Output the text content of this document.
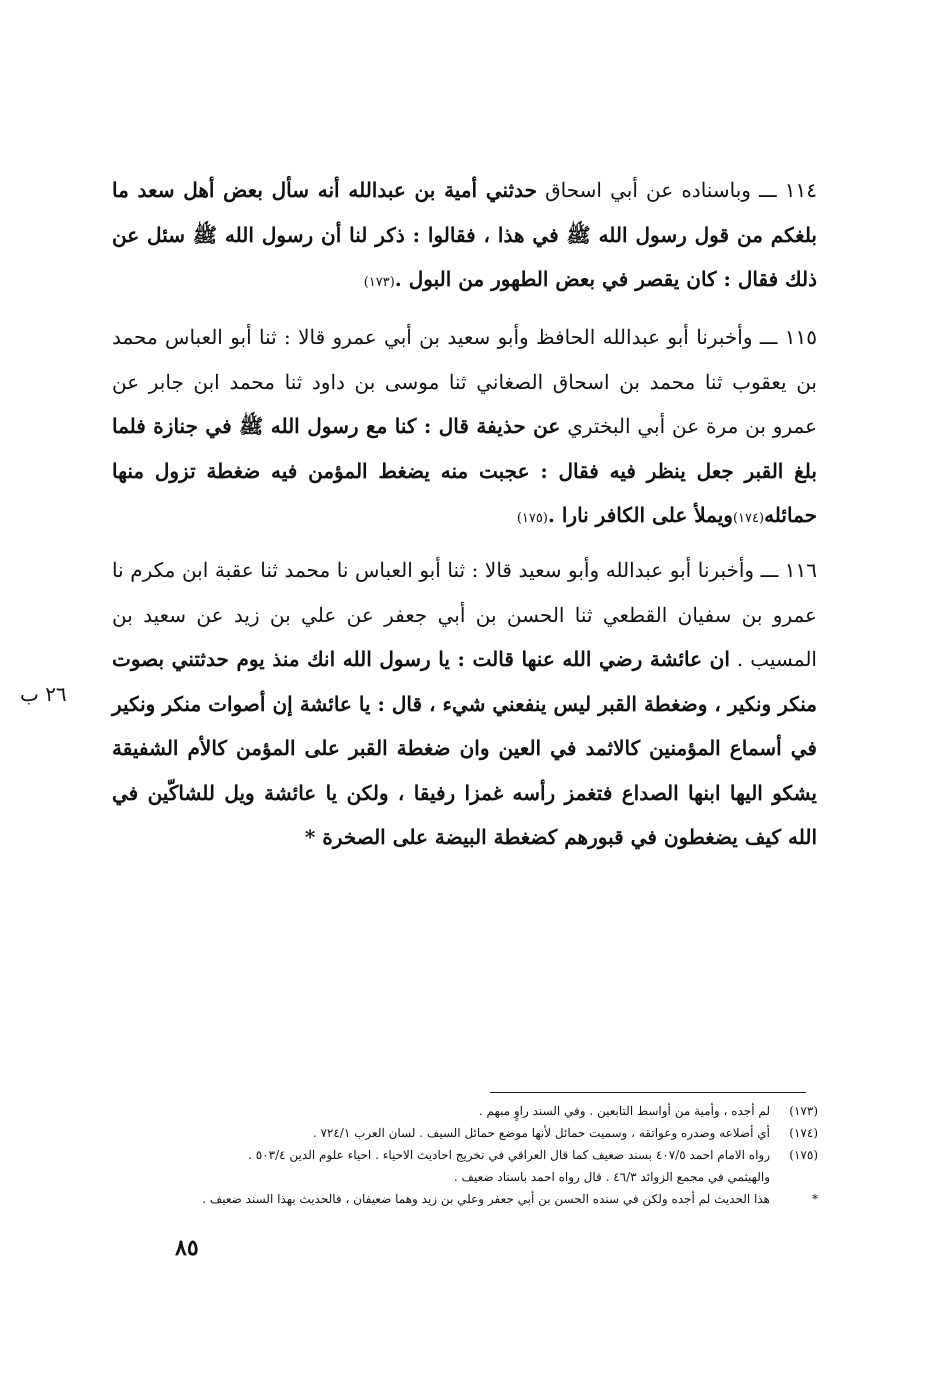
١١٤ ـــ وباسناده عن أبي اسحاق حدثني أمية بن عبدالله أنه سأل بعض أهل سعد ما بلغكم من قول رسول الله ﷺ في هذا ، فقالوا : ذكر لنا أن رسول الله ﷺ سئل عن ذلك فقال : كان يقصر في بعض الطهور من البول .(١٧٣)

١١٥ ـــ وأخبرنا أبو عبدالله الحافظ وأبو سعيد بن أبي عمرو قالا : ثنا أبو العباس محمد بن يعقوب ثنا محمد بن اسحاق الصغاني ثنا موسى بن داود ثنا محمد ابن جابر عن عمرو بن مرة عن أبي البختري عن حذيفة قال : كنا مع رسول الله ﷺ في جنازة فلما بلغ القبر جعل ينظر فيه فقال : عجبت منه يضغط المؤمن فيه ضغطة تزول منها حمائله(١٧٤)ويملأ على الكافر نارا .(١٧٥)

١١٦ ـــ وأخبرنا أبو عبدالله وأبو سعيد قالا : ثنا أبو العباس نا محمد ثنا عقبة ابن مكرم نا عمرو بن سفيان القطعي ثنا الحسن بن أبي جعفر عن علي بن زيد عن سعيد بن المسيب . ان عائشة رضي الله عنها قالت : يا رسول الله انك منذ يوم حدثتني بصوت منكر ونكير ، وضغطة القبر ليس ينفعني شيء ، قال : يا عائشة إن أصوات منكر ونكير في أسماع المؤمنين كالاثمد في العين وان ضغطة القبر على المؤمن كالأم الشفيقة يشكو اليها ابنها الصداع فتغمز رأسه غمزا رفيقا ، ولكن يا عائشة ويل للشاكّين في الله كيف يضغطون في قبورهم كضغطة البيضة على الصخرة *

٢٦ ب
(١٧٣)
لم أجده ، وأمية من أواسط التابعين . وفي السند راوٍ مبهم .
(١٧٤)
أي أضلاعه وصدره وعواتقه ، وسميت حمائل لأنها موضع حمائل السيف . لسان العرب ٧٢٤/١ .
(١٧٥)
رواه الامام احمد ٤٠٧/٥ بسند ضعيف كما قال العراقي في تخريج احاديث الاحياء . احياء علوم الدين ٥٠٣/٤ .
والهيثمي في مجمع الزوائد ٤٦/٣ . قال رواه احمد باسناد ضعيف .
*
هذا الحديث لم أجده ولكن في سنده الحسن بن أبي جعفر وعلي بن زيد وهما ضعيفان ، فالحديث بهذا السند ضعيف .
٨٥
